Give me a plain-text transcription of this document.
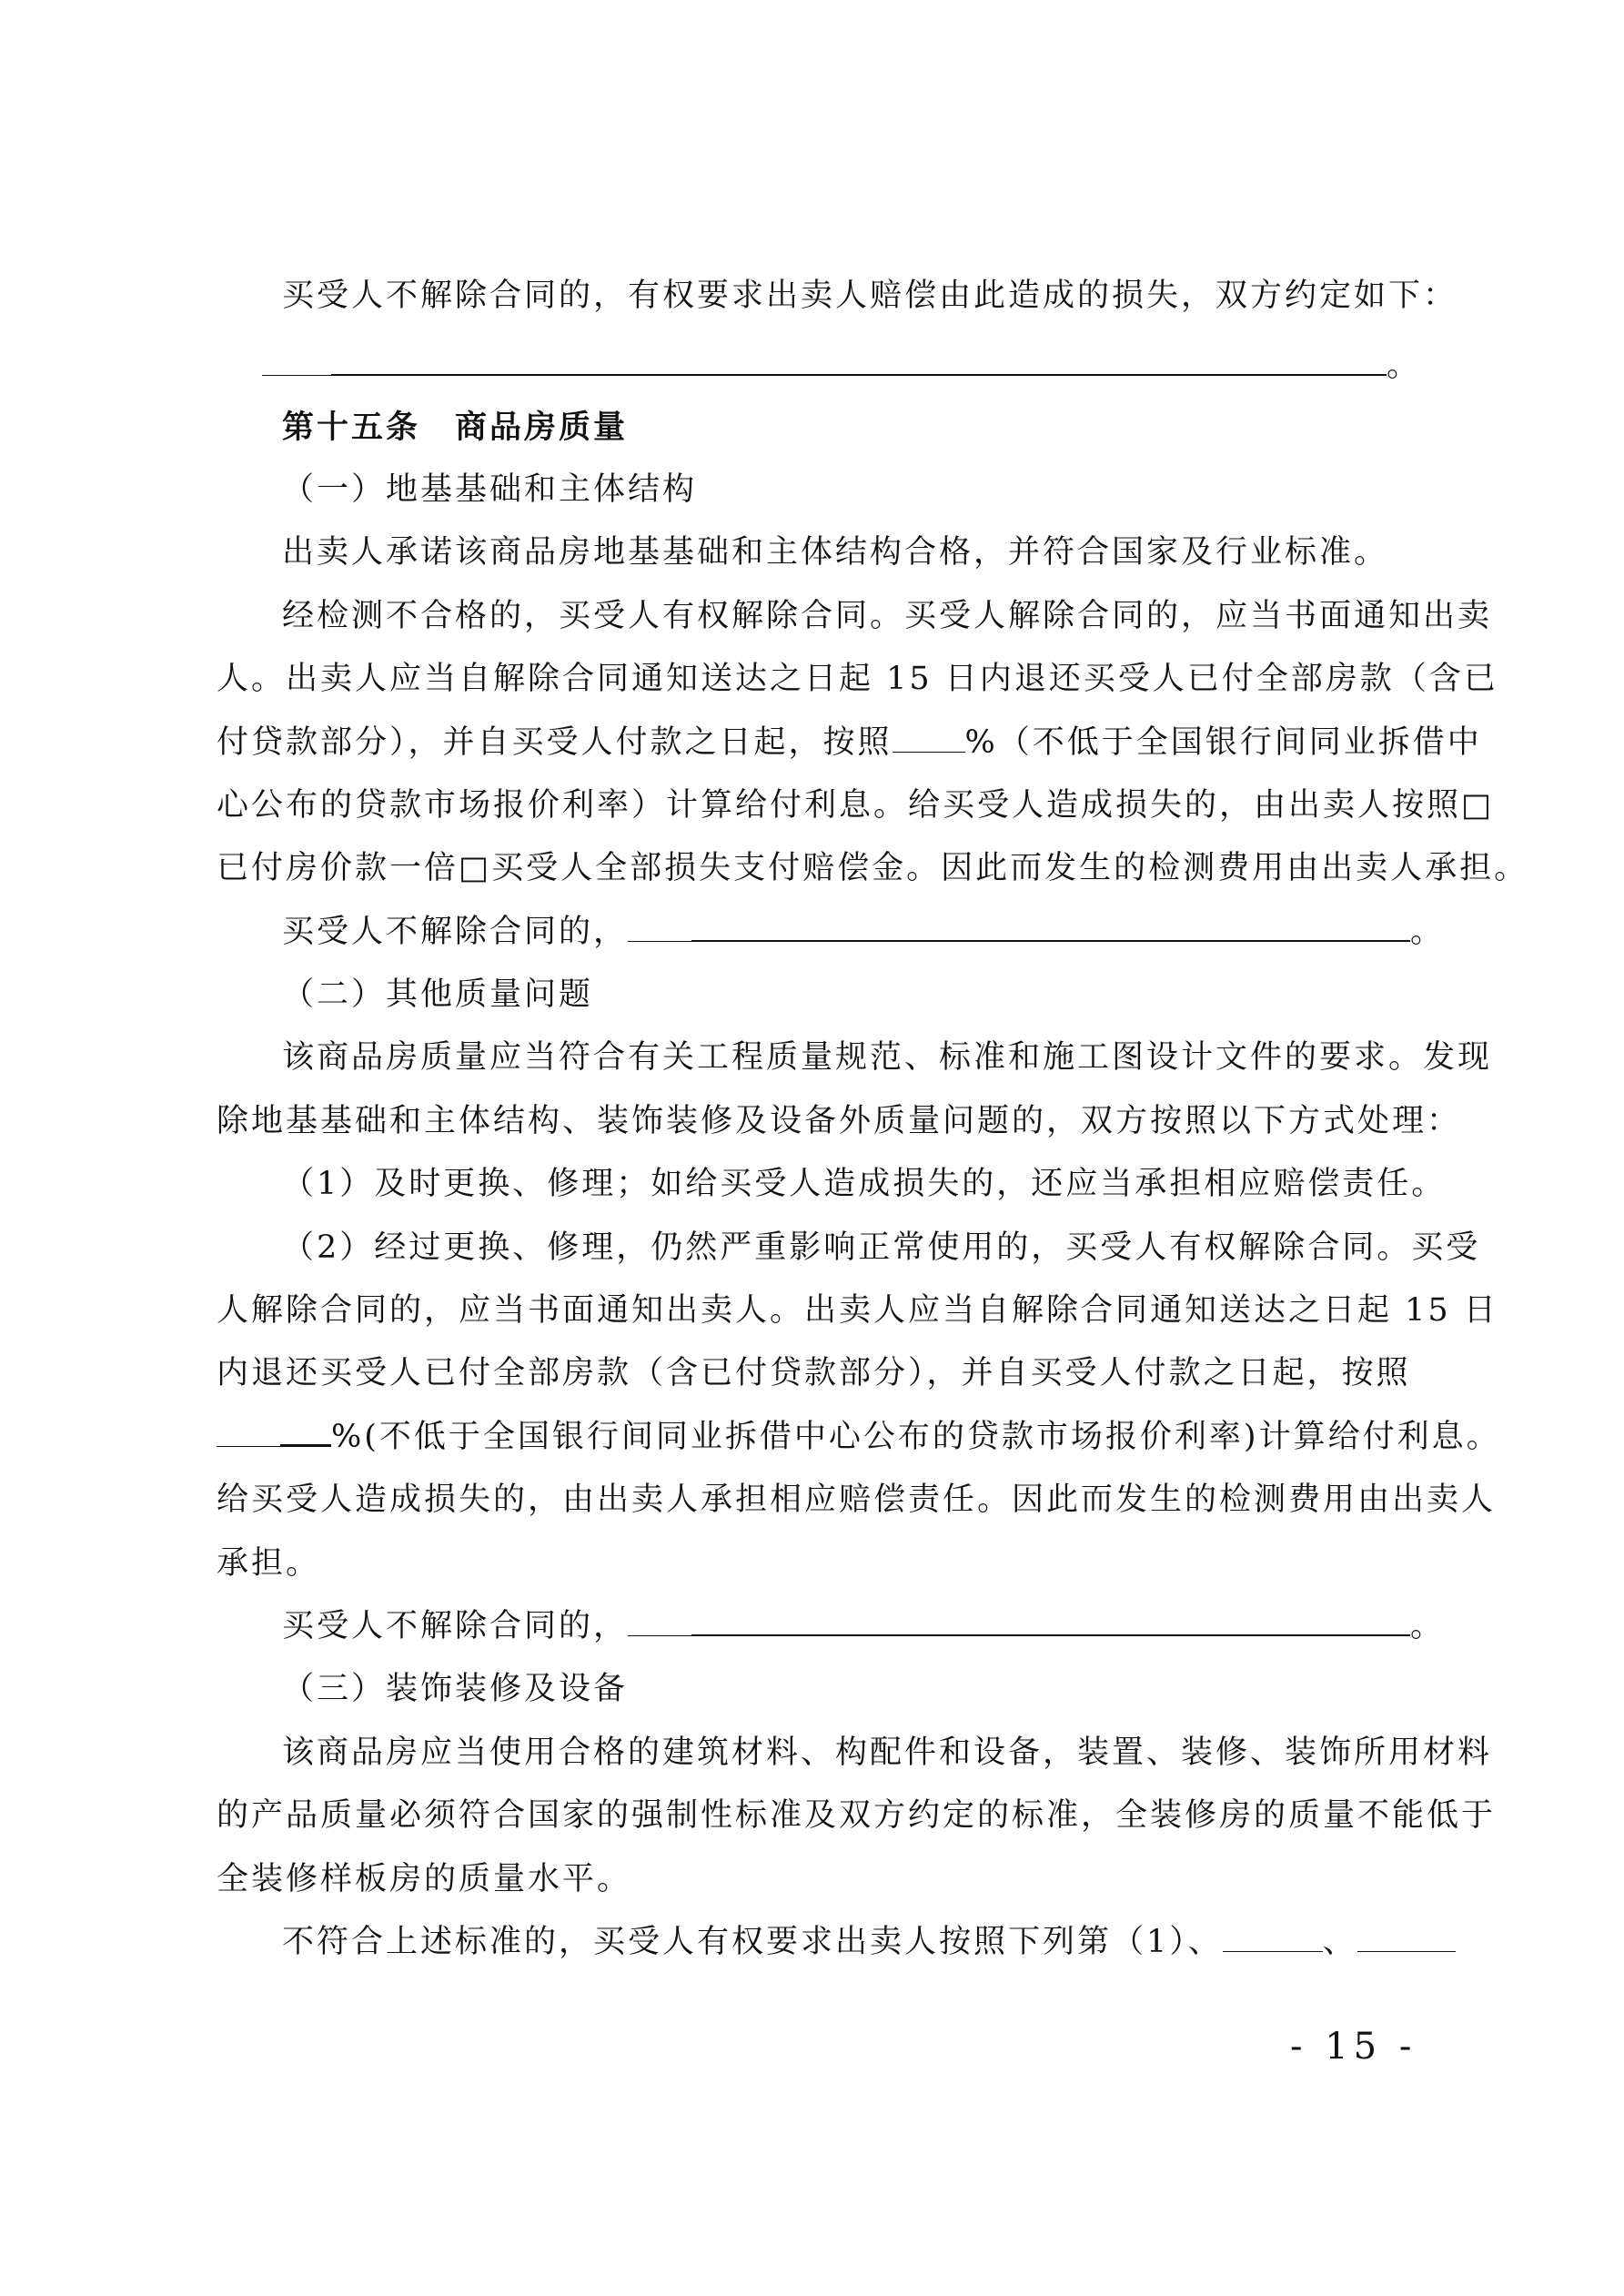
买受人不解除合同的，有权要求出卖人赔偿由此造成的损失，双方约定如下：
。
第十五条　商品房质量
（一）地基基础和主体结构
出卖人承诺该商品房地基基础和主体结构合格，并符合国家及行业标准。
经检测不合格的，买受人有权解除合同。买受人解除合同的，应当书面通知出卖
人。出卖人应当自解除合同通知送达之日起 15 日内退还买受人已付全部房款（含已
付贷款部分），并自买受人付款之日起，按照 %（不低于全国银行间同业拆借中
心公布的贷款市场报价利率）计算给付利息。给买受人造成损失的，由出卖人按照□
已付房价款一倍□买受人全部损失支付赔偿金。因此而发生的检测费用由出卖人承担。
买受人不解除合同的，	。
（二）其他质量问题
该商品房质量应当符合有关工程质量规范、标准和施工图设计文件的要求。发现
除地基基础和主体结构、装饰装修及设备外质量问题的，双方按照以下方式处理：
（1）及时更换、修理；如给买受人造成损失的，还应当承担相应赔偿责任。
（2）经过更换、修理，仍然严重影响正常使用的，买受人有权解除合同。买受
人解除合同的，应当书面通知出卖人。出卖人应当自解除合同通知送达之日起 15 日
内退还买受人已付全部房款（含已付贷款部分），并自买受人付款之日起，按照
%(不低于全国银行间同业拆借中心公布的贷款市场报价利率)计算给付利息。
给买受人造成损失的，由出卖人承担相应赔偿责任。因此而发生的检测费用由出卖人
承担。
买受人不解除合同的，	。
（三）装饰装修及设备
该商品房应当使用合格的建筑材料、构配件和设备，装置、装修、装饰所用材料
的产品质量必须符合国家的强制性标准及双方约定的标准，全装修房的质量不能低于
全装修样板房的质量水平。
不符合上述标准的，买受人有权要求出卖人按照下列第（1）、	、
- 15 -
